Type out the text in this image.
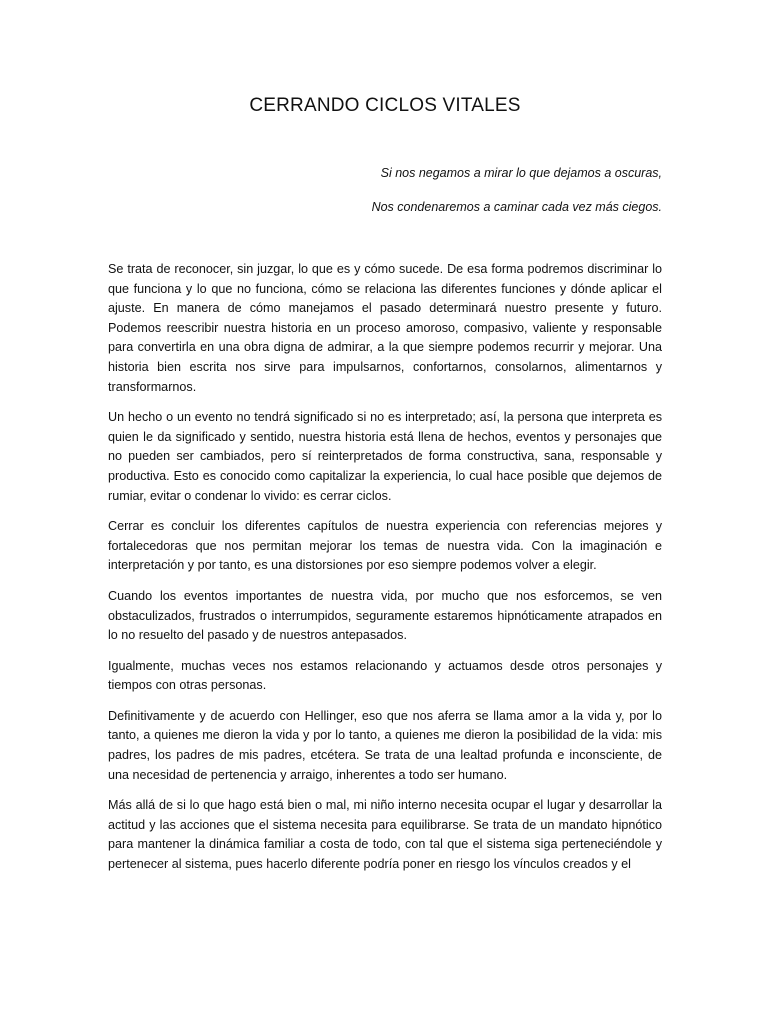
CERRANDO CICLOS VITALES
Si nos negamos a mirar lo que dejamos a oscuras,
Nos condenaremos a caminar cada vez más ciegos.

Se trata de reconocer, sin juzgar, lo que es y cómo sucede. De esa forma podremos discriminar lo que funciona y lo que no funciona, cómo se relaciona las diferentes funciones y dónde aplicar el ajuste. En manera de cómo manejamos el pasado determinará nuestro presente y futuro. Podemos reescribir nuestra historia en un proceso amoroso, compasivo, valiente y responsable para convertirla en una obra digna de admirar, a la que siempre podemos recurrir y mejorar. Una historia bien escrita nos sirve para impulsarnos, confortarnos, consolarnos, alimentarnos y transformarnos.

Un hecho o un evento no tendrá significado si no es interpretado; así, la persona que interpreta es quien le da significado y sentido, nuestra historia está llena de hechos, eventos y personajes que no pueden ser cambiados, pero sí reinterpretados de forma constructiva, sana, responsable y productiva. Esto es conocido como capitalizar la experiencia, lo cual hace posible que dejemos de rumiar, evitar o condenar lo vivido: es cerrar ciclos.

Cerrar es concluir los diferentes capítulos de nuestra experiencia con referencias mejores y fortalecedoras que nos permitan mejorar los temas de nuestra vida. Con la imaginación e interpretación y por tanto, es una distorsiones por eso siempre podemos volver a elegir.

Cuando los eventos importantes de nuestra vida, por mucho que nos esforcemos, se ven obstaculizados, frustrados o interrumpidos, seguramente estaremos hipnóticamente atrapados en lo no resuelto del pasado y de nuestros antepasados.

Igualmente, muchas veces nos estamos relacionando y actuamos desde otros personajes y tiempos con otras personas.

Definitivamente y de acuerdo con Hellinger, eso que nos aferra se llama amor a la vida y, por lo tanto, a quienes me dieron la vida y por lo tanto, a quienes me dieron la posibilidad de la vida: mis padres, los padres de mis padres, etcétera. Se trata de una lealtad profunda e inconsciente, de una necesidad de pertenencia y arraigo, inherentes a todo ser humano.

Más allá de si lo que hago está bien o mal, mi niño interno necesita ocupar el lugar y desarrollar la actitud y las acciones que el sistema necesita para equilibrarse. Se trata de un mandato hipnótico para mantener la dinámica familiar a costa de todo, con tal que el sistema siga perteneciéndole y pertenecer al sistema, pues hacerlo diferente podría poner en riesgo los vínculos creados y el
